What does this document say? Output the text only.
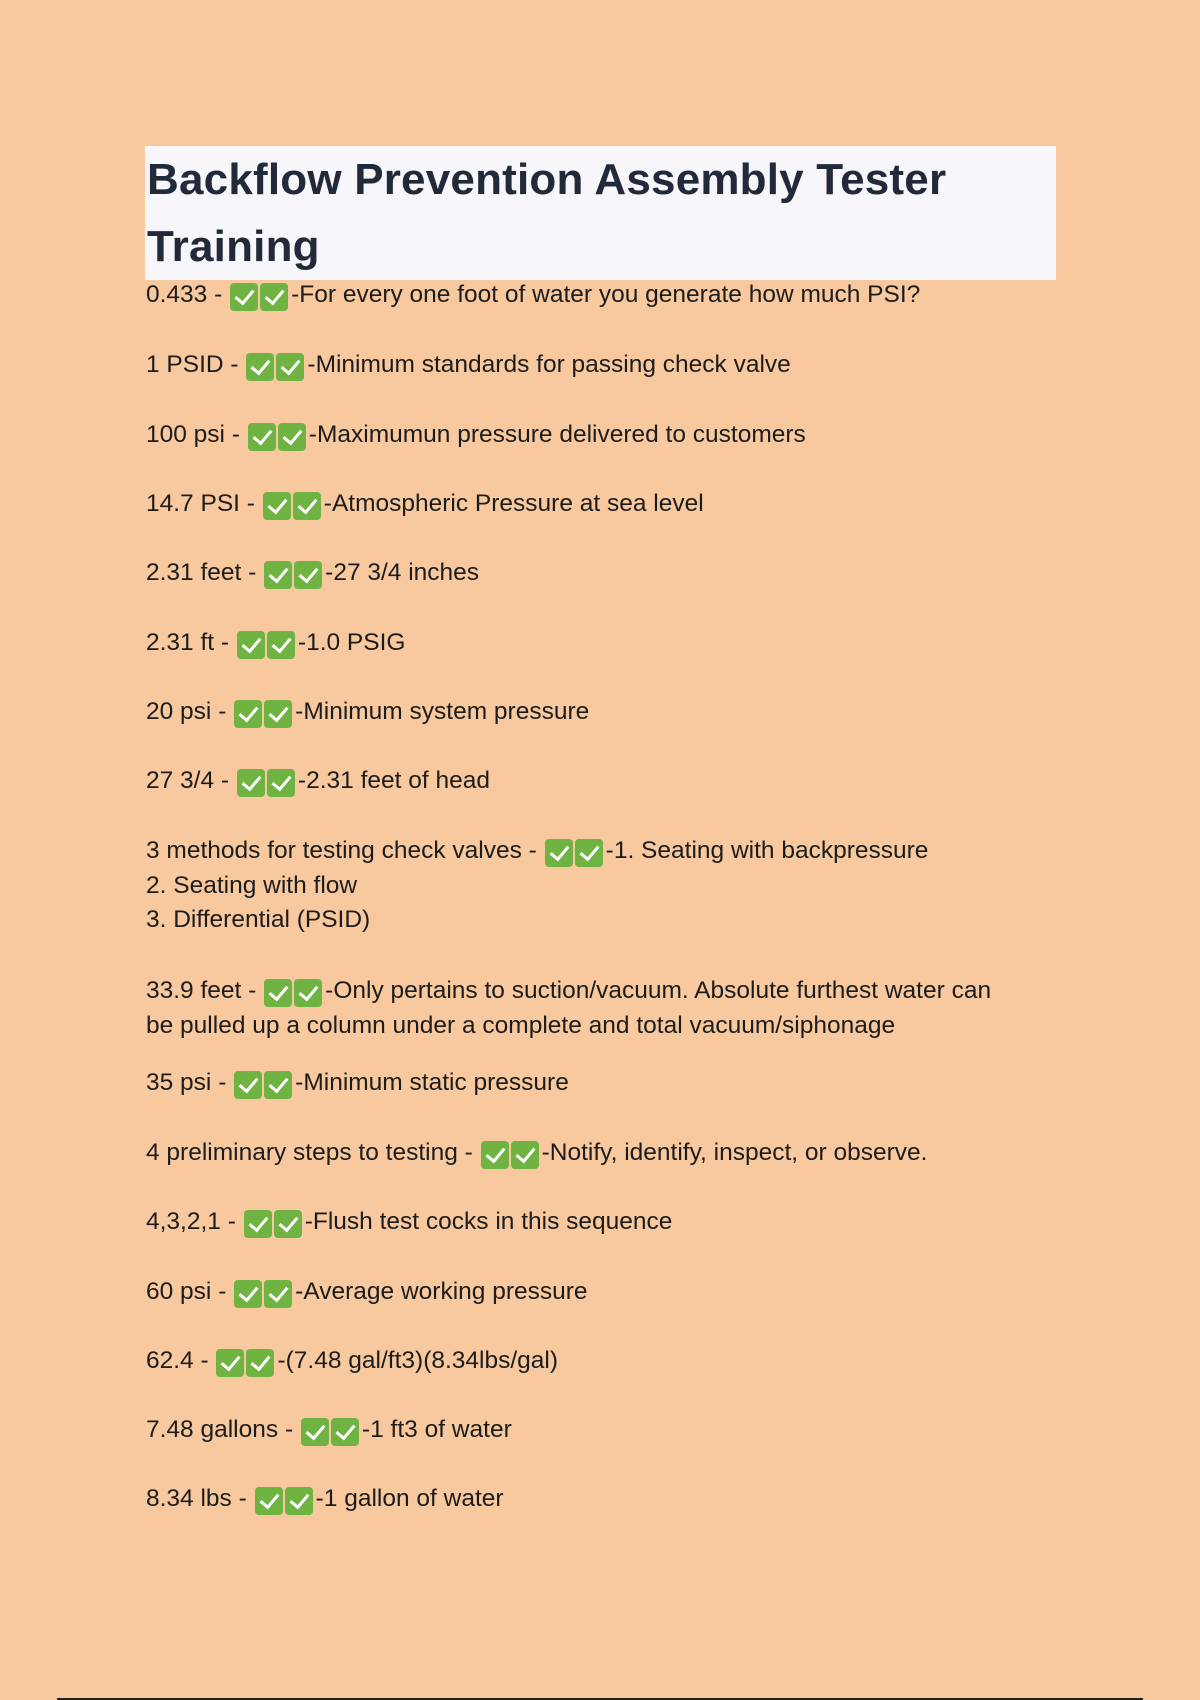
Backflow Prevention Assembly Tester Training
0.433 -	-For every one foot of water you generate how much PSI?
1 PSID -	-Minimum standards for passing check valve
100 psi -	-Maximumun pressure delivered to customers
14.7 PSI -	-Atmospheric Pressure at sea level
2.31 feet -	-27 3/4 inches
2.31 ft -	-1.0 PSIG
20 psi -	-Minimum system pressure
27 3/4 -	-2.31 feet of head
3 methods for testing check valves -	-1. Seating with backpressure
2. Seating with flow
3. Differential (PSID)
33.9 feet -	-Only pertains to suction/vacuum. Absolute furthest water can
be pulled up a column under a complete and total vacuum/siphonage
35 psi -	-Minimum static pressure
4 preliminary steps to testing -	-Notify, identify, inspect, or observe.
4,3,2,1 -	-Flush test cocks in this sequence
60 psi -	-Average working pressure
62.4 -	-(7.48 gal/ft3)(8.34lbs/gal)
7.48 gallons -	-1 ft3 of water
8.34 lbs -	-1 gallon of water
